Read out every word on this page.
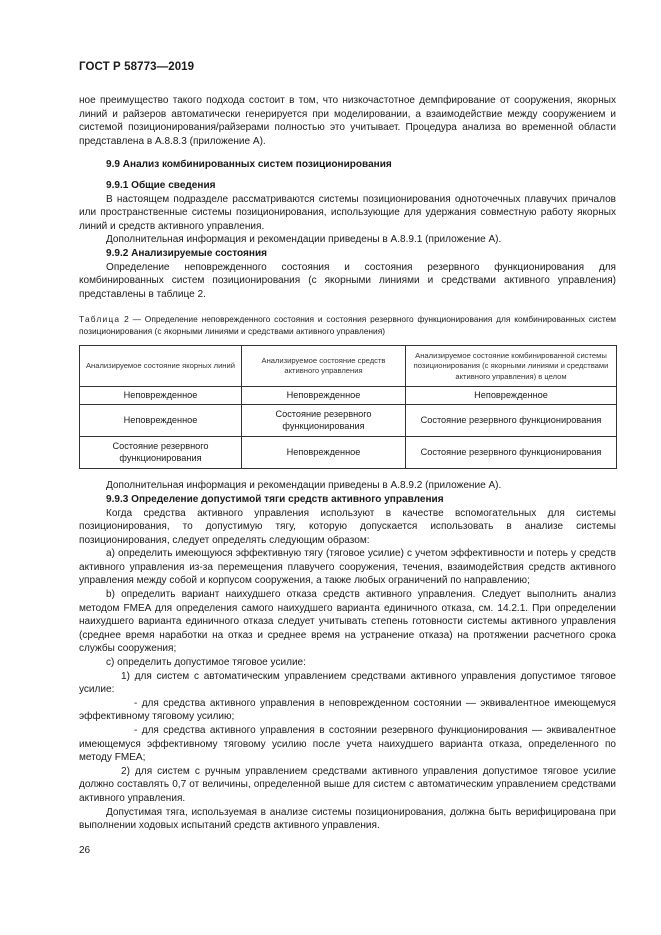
ГОСТ Р 58773—2019

ное преимущество такого подхода состоит в том, что низкочастотное демпфирование от сооружения, якорных линий и райзеров автоматически генерируется при моделировании, а взаимодействие между сооружением и системой позиционирования/райзерами полностью это учитывает. Процедура анализа во временной области представлена в А.8.8.3 (приложение А).

9.9 Анализ комбинированных систем позиционирования

9.9.1 Общие сведения

В настоящем подразделе рассматриваются системы позиционирования одноточечных плавучих причалов или пространственные системы позиционирования, использующие для удержания совместную работу якорных линий и средств активного управления.

Дополнительная информация и рекомендации приведены в А.8.9.1 (приложение А).

9.9.2 Анализируемые состояния

Определение неповрежденного состояния и состояния резервного функционирования для комбинированных систем позиционирования (с якорными линиями и средствами активного управления) представлены в таблице 2.

Таблица 2 — Определение неповрежденного состояния и состояния резервного функционирования для комбинированных систем позиционирования (с якорными линиями и средствами активного управления)

Анализируемое состояние якорных линий	Анализируемое состояние средств активного управления	Анализируемое состояние комбинированной системы позиционирования (с якорными линиями и средствами активного управления) в целом
Неповрежденное	Неповрежденное	Неповрежденное
Неповрежденное	Состояние резервного функционирования	Состояние резервного функционирования
Состояние резервного функционирования	Неповрежденное	Состояние резервного функционирования

Дополнительная информация и рекомендации приведены в А.8.9.2 (приложение А).

9.9.3 Определение допустимой тяги средств активного управления

Когда средства активного управления используют в качестве вспомогательных для системы позиционирования, то допустимую тягу, которую допускается использовать в анализе системы позиционирования, следует определять следующим образом:

а) определить имеющуюся эффективную тягу (тяговое усилие) с учетом эффективности и потерь у средств активного управления из-за перемещения плавучего сооружения, течения, взаимодействия средств активного управления между собой и корпусом сооружения, а также любых ограничений по направлению;

b) определить вариант наихудшего отказа средств активного управления. Следует выполнить анализ методом FMEA для определения самого наихудшего варианта единичного отказа, см. 14.2.1. При определении наихудшего варианта единичного отказа следует учитывать степень готовности системы активного управления (среднее время наработки на отказ и среднее время на устранение отказа) на протяжении расчетного срока службы сооружения;

с) определить допустимое тяговое усилие:

1) для систем с автоматическим управлением средствами активного управления допустимое тяговое усилие:

- для средства активного управления в неповрежденном состоянии — эквивалентное имеющемуся эффективному тяговому усилию;

- для средства активного управления в состоянии резервного функционирования — эквивалентное имеющемуся эффективному тяговому усилию после учета наихудшего варианта отказа, определенного по методу FMEA;

2) для систем с ручным управлением средствами активного управления допустимое тяговое усилие должно составлять 0,7 от величины, определенной выше для систем с автоматическим управлением средствами активного управления.

Допустимая тяга, используемая в анализе системы позиционирования, должна быть верифицирована при выполнении ходовых испытаний средств активного управления.

26
